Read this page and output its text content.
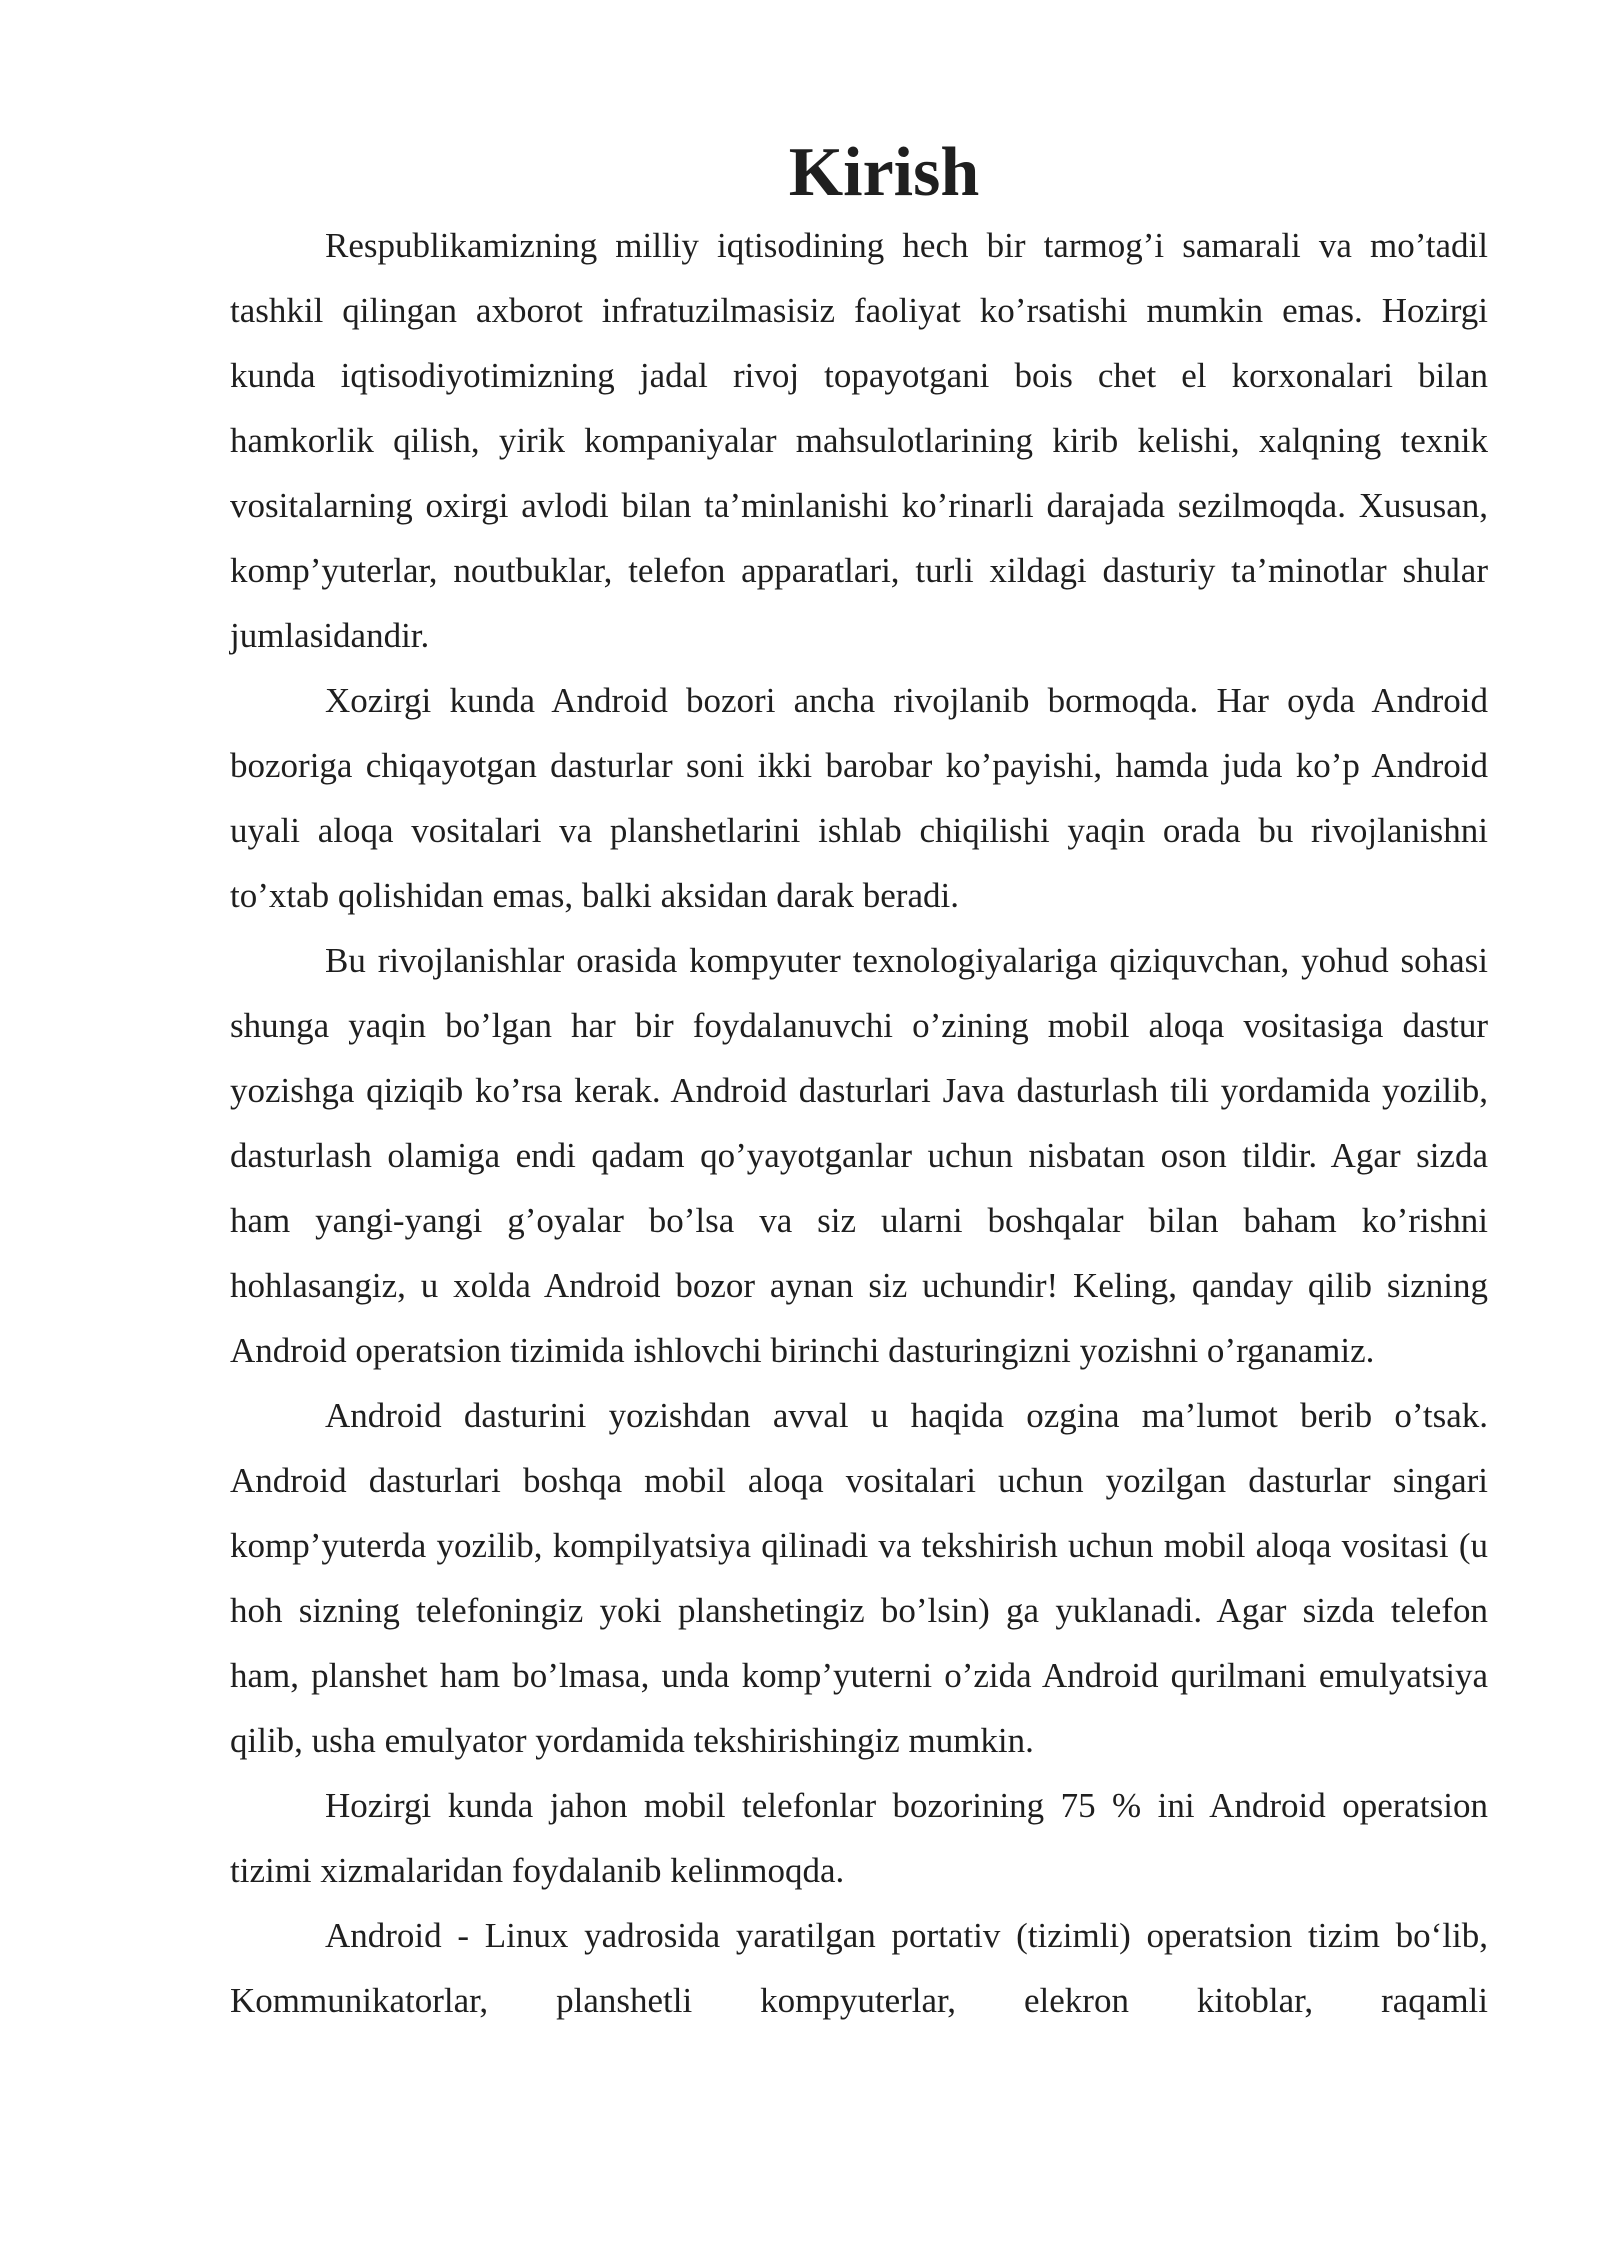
Kirish

Respublikamizning milliy iqtisodining hech bir tarmog’i samarali va mo’tadil tashkil qilingan axborot infratuzilmasisiz faoliyat ko’rsatishi mumkin emas. Hozirgi kunda iqtisodiyotimizning jadal rivoj topayotgani bois chet el korxonalari bilan hamkorlik qilish, yirik kompaniyalar mahsulotlarining kirib kelishi, xalqning texnik vositalarning oxirgi avlodi bilan ta’minlanishi ko’rinarli darajada sezilmoqda. Xususan, komp’yuterlar, noutbuklar, telefon apparatlari, turli xildagi dasturiy ta’minotlar shular jumlasidandir.

Xozirgi kunda Android bozori ancha rivojlanib bormoqda. Har oyda Android bozoriga chiqayotgan dasturlar soni ikki barobar ko’payishi, hamda juda ko’p Android uyali aloqa vositalari va planshetlarini ishlab chiqilishi yaqin orada bu rivojlanishni to’xtab qolishidan emas, balki aksidan darak beradi.

Bu rivojlanishlar orasida kompyuter texnologiyalariga qiziquvchan, yohud sohasi shunga yaqin bo’lgan har bir foydalanuvchi o’zining mobil aloqa vositasiga dastur yozishga qiziqib ko’rsa kerak. Android dasturlari Java dasturlash tili yordamida yozilib, dasturlash olamiga endi qadam qo’yayotganlar uchun nisbatan oson tildir. Agar sizda ham yangi-yangi g’oyalar bo’lsa va siz ularni boshqalar bilan baham ko’rishni hohlasangiz, u xolda Android bozor aynan siz uchundir! Keling, qanday qilib sizning Android operatsion tizimida ishlovchi birinchi dasturingizni yozishni o’rganamiz.

Android dasturini yozishdan avval u haqida ozgina ma’lumot berib o’tsak. Android dasturlari boshqa mobil aloqa vositalari uchun yozilgan dasturlar singari komp’yuterda yozilib, kompilyatsiya qilinadi va tekshirish uchun mobil aloqa vositasi (u hoh sizning telefoningiz yoki planshetingiz bo’lsin) ga yuklanadi. Agar sizda telefon ham, planshet ham bo’lmasa, unda komp’yuterni o’zida Android qurilmani emulyatsiya qilib, usha emulyator yordamida tekshirishingiz mumkin.

Hozirgi kunda jahon mobil telefonlar bozorining 75 % ini Android operatsion tizimi xizmalaridan foydalanib kelinmoqda.

Android - Linux yadrosida yaratilgan portativ (tizimli) operatsion tizim bo‘lib, Kommunikatorlar, planshetli kompyuterlar, elekron kitoblar, raqamli
